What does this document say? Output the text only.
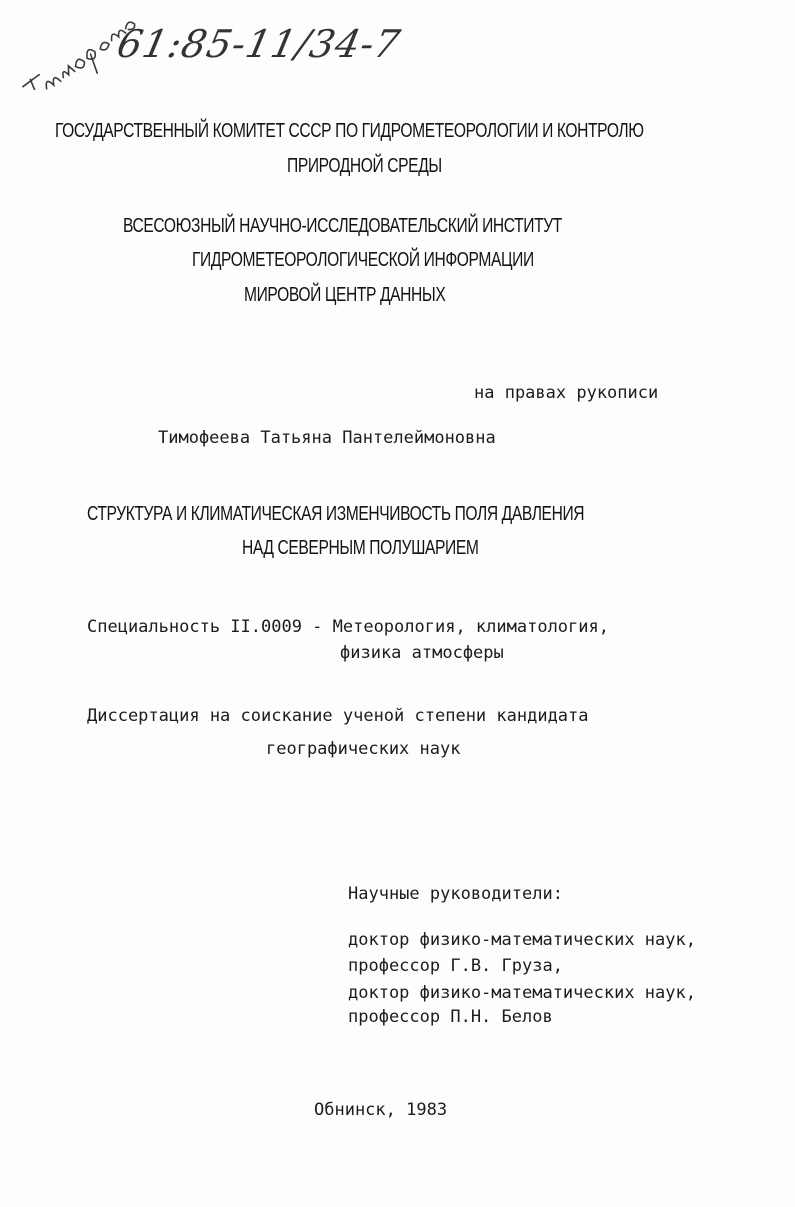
61:85-11/34-7
ГОСУДАРСТВЕННЫЙ КОМИТЕТ СССР ПО ГИДРОМЕТЕОРОЛОГИИ И КОНТРОЛЮ
ПРИРОДНОЙ СРЕДЫ
ВСЕСОЮЗНЫЙ НАУЧНО-ИССЛЕДОВАТЕЛЬСКИЙ ИНСТИТУТ
ГИДРОМЕТЕОРОЛОГИЧЕСКОЙ ИНФОРМАЦИИ
МИРОВОЙ ЦЕНТР ДАННЫХ
на правах рукописи
Тимофеева Татьяна Пантелеймоновна
СТРУКТУРА И КЛИМАТИЧЕСКАЯ ИЗМЕНЧИВОСТЬ ПОЛЯ ДАВЛЕНИЯ
НАД СЕВЕРНЫМ ПОЛУШАРИЕМ
Специальность II.0009 - Метеорология, климатология,
физика атмосферы
Диссертация на соискание ученой степени кандидата
географических наук
Научные руководители:
доктор физико-математических наук,
профессор Г.В. Груза,
доктор физико-математических наук,
профессор П.Н. Белов
Обнинск, 1983
